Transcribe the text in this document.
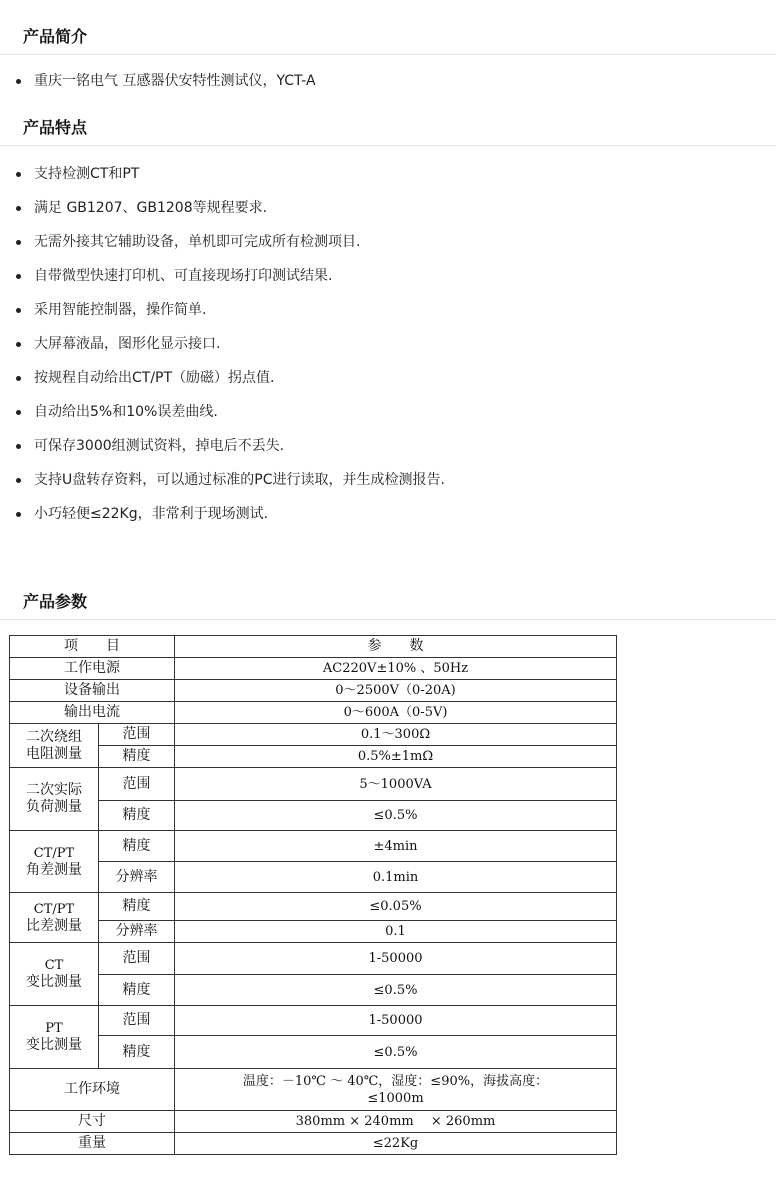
产品简介
重庆一铭电气 互感器伏安特性测试仪，YCT-A
产品特点
支持检测CT和PT
满足 GB1207、GB1208等规程要求.
无需外接其它辅助设备，单机即可完成所有检测项目.
自带微型快速打印机、可直接现场打印测试结果.
采用智能控制器，操作简单.
大屏幕液晶，图形化显示接口.
按规程自动给出CT/PT（励磁）拐点值.
自动给出5%和10%误差曲线.
可保存3000组测试资料，掉电后不丢失.
支持U盘转存资料，可以通过标准的PC进行读取，并生成检测报告.
小巧轻便≤22Kg，非常利于现场测试.
产品参数
项　　目		参　　数
工作电源		AC220V±10% 、50Hz
设备输出		0～2500V（0-20A)
输出电流		0～600A（0-5V)

二次绕组
电阻测量	范围	0.1～300Ω
	精度	0.5%±1mΩ

二次实际
负荷测量	范围	5～1000VA
	精度	≤0.5%

CT/PT
角差测量	精度	±4min
	分辨率	0.1min

CT/PT
比差测量	精度	≤0.05%
	分辨率	0.1

CT
变比测量	范围	1-50000
	精度	≤0.5%

PT
变比测量	范围	1-50000
	精度	≤0.5%
工作环境		温度：－10℃ ～ 40℃，湿度：≤90%，海拔高度：
≤1000m

尺寸		380mm × 240mm　 × 260mm
重量		≤22Kg
